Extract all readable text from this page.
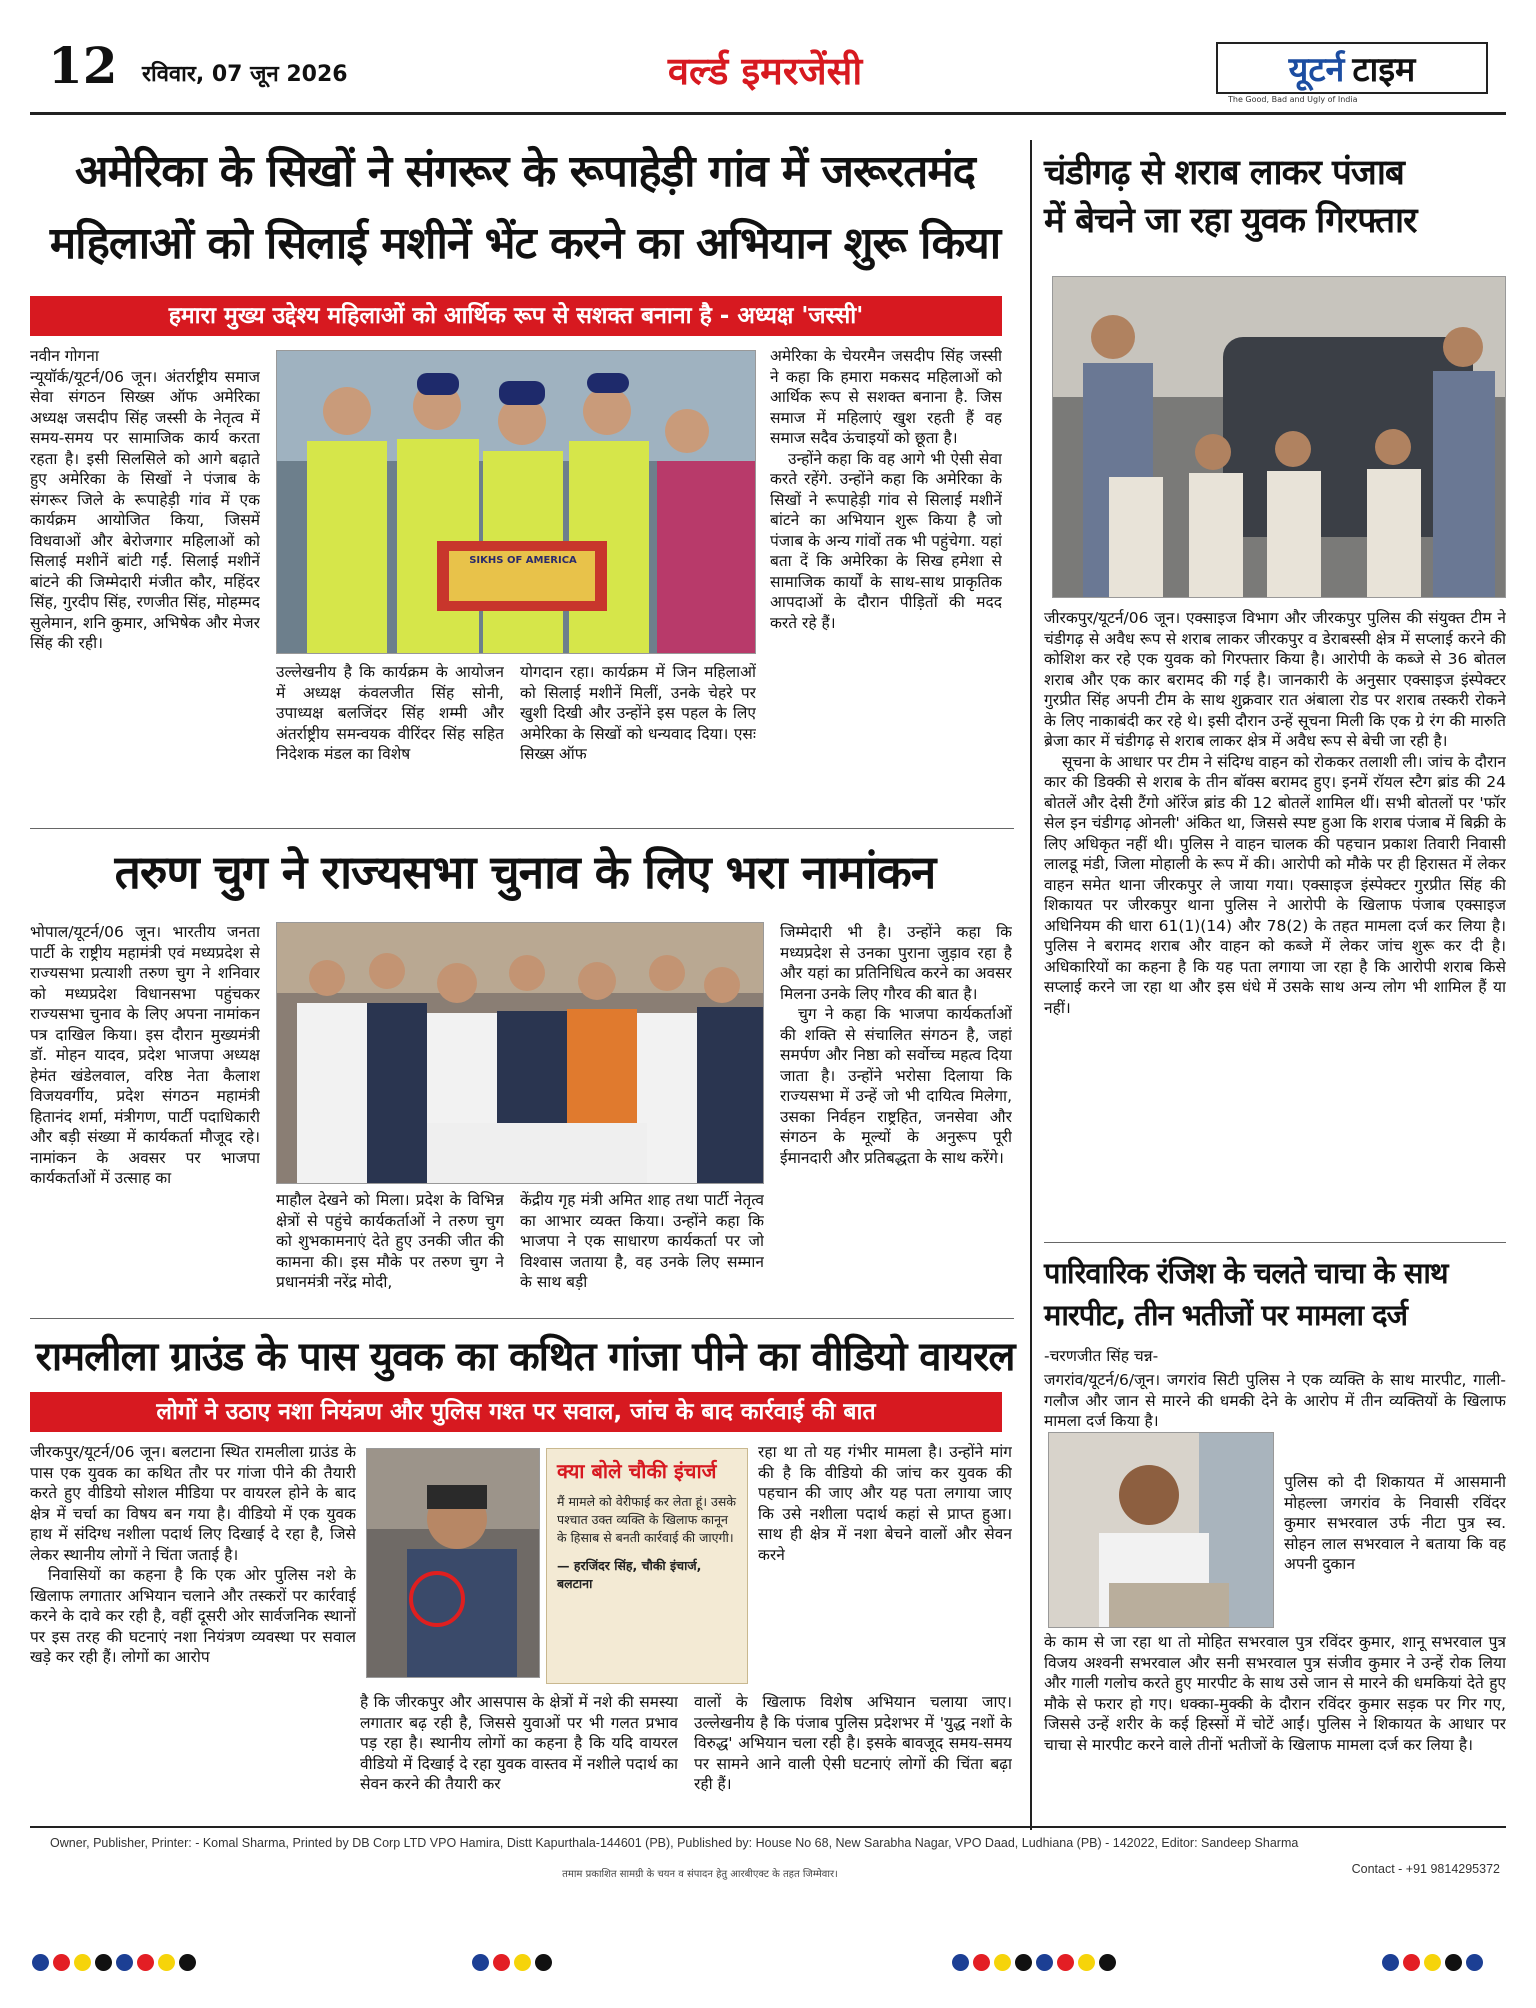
12 रविवार, 07 जून 2026	वर्ल्ड इमरजेंसी	यूटर्न टाइम
The Good, Bad and Ugly of India
अमेरिका के सिखों ने संगरूर के रूपाहेड़ी गांव में जरूरतमंद
महिलाओं को सिलाई मशीनें भेंट करने का अभियान शुरू किया
हमारा मुख्य उद्देश्य महिलाओं को आर्थिक रूप से सशक्त बनाना है - अध्यक्ष 'जस्सी'

नवीन गोगना

न्यूयॉर्क/यूटर्न/06 जून। अंतर्राष्ट्रीय समाज सेवा संगठन सिख्स ऑफ अमेरिका अध्यक्ष जसदीप सिंह जस्सी के नेतृत्व में समय-समय पर सामाजिक कार्य करता रहता है। इसी सिलसिले को आगे बढ़ाते हुए अमेरिका के सिखों ने पंजाब के संगरूर जिले के रूपाहेड़ी गांव में एक कार्यक्रम आयोजित किया, जिसमें विधवाओं और बेरोजगार महिलाओं को सिलाई मशीनें बांटी गईं. सिलाई मशीनें बांटने की जिम्मेदारी मंजीत कौर, महिंदर सिंह, गुरदीप सिंह, रणजीत सिंह, मोहम्मद सुलेमान, शनि कुमार, अभिषेक और मेजर सिंह की रही।

SIKHS OF AMERICA
उल्लेखनीय है कि कार्यक्रम के आयोजन में अध्यक्ष कंवलजीत सिंह सोनी, उपाध्यक्ष बलजिंदर सिंह शम्मी और अंतर्राष्ट्रीय समन्वयक वीरिंदर सिंह सहित निदेशक मंडल का विशेष
योगदान रहा। कार्यक्रम में जिन महिलाओं को सिलाई मशीनें मिलीं, उनके चेहरे पर खुशी दिखी और उन्होंने इस पहल के लिए अमेरिका के सिखों को धन्यवाद दिया। एसः सिख्स ऑफ

अमेरिका के चेयरमैन जसदीप सिंह जस्सी ने कहा कि हमारा मकसद महिलाओं को आर्थिक रूप से सशक्त बनाना है. जिस समाज में महिलाएं खुश रहती हैं वह समाज सदैव ऊंचाइयों को छूता है।

उन्होंने कहा कि वह आगे भी ऐसी सेवा करते रहेंगे. उन्होंने कहा कि अमेरिका के सिखों ने रूपाहेड़ी गांव से सिलाई मशीनें बांटने का अभियान शुरू किया है जो पंजाब के अन्य गांवों तक भी पहुंचेगा. यहां बता दें कि अमेरिका के सिख हमेशा से सामाजिक कार्यों के साथ-साथ प्राकृतिक आपदाओं के दौरान पीड़ितों की मदद करते रहे हैं।

तरुण चुग ने राज्यसभा चुनाव के लिए भरा नामांकन
भोपाल/यूटर्न/06 जून। भारतीय जनता पार्टी के राष्ट्रीय महामंत्री एवं मध्यप्रदेश से राज्यसभा प्रत्याशी तरुण चुग ने शनिवार को मध्यप्रदेश विधानसभा पहुंचकर राज्यसभा चुनाव के लिए अपना नामांकन पत्र दाखिल किया। इस दौरान मुख्यमंत्री डॉ. मोहन यादव, प्रदेश भाजपा अध्यक्ष हेमंत खंडेलवाल, वरिष्ठ नेता कैलाश विजयवर्गीय, प्रदेश संगठन महामंत्री हितानंद शर्मा, मंत्रीगण, पार्टी पदाधिकारी और बड़ी संख्या में कार्यकर्ता मौजूद रहे। नामांकन के अवसर पर भाजपा कार्यकर्ताओं में उत्साह का
माहौल देखने को मिला। प्रदेश के विभिन्न क्षेत्रों से पहुंचे कार्यकर्ताओं ने तरुण चुग को शुभकामनाएं देते हुए उनकी जीत की कामना की। इस मौके पर तरुण चुग ने प्रधानमंत्री नरेंद्र मोदी,
केंद्रीय गृह मंत्री अमित शाह तथा पार्टी नेतृत्व का आभार व्यक्त किया। उन्होंने कहा कि भाजपा ने एक साधारण कार्यकर्ता पर जो विश्वास जताया है, वह उनके लिए सम्मान के साथ बड़ी

जिम्मेदारी भी है। उन्होंने कहा कि मध्यप्रदेश से उनका पुराना जुड़ाव रहा है और यहां का प्रतिनिधित्व करने का अवसर मिलना उनके लिए गौरव की बात है।

चुग ने कहा कि भाजपा कार्यकर्ताओं की शक्ति से संचालित संगठन है, जहां समर्पण और निष्ठा को सर्वोच्च महत्व दिया जाता है। उन्होंने भरोसा दिलाया कि राज्यसभा में उन्हें जो भी दायित्व मिलेगा, उसका निर्वहन राष्ट्रहित, जनसेवा और संगठन के मूल्यों के अनुरूप पूरी ईमानदारी और प्रतिबद्धता के साथ करेंगे।

रामलीला ग्राउंड के पास युवक का कथित गांजा पीने का वीडियो वायरल
लोगों ने उठाए नशा नियंत्रण और पुलिस गश्त पर सवाल, जांच के बाद कार्रवाई की बात

जीरकपुर/यूटर्न/06 जून। बलटाना स्थित रामलीला ग्राउंड के पास एक युवक का कथित तौर पर गांजा पीने की तैयारी करते हुए वीडियो सोशल मीडिया पर वायरल होने के बाद क्षेत्र में चर्चा का विषय बन गया है। वीडियो में एक युवक हाथ में संदिग्ध नशीला पदार्थ लिए दिखाई दे रहा है, जिसे लेकर स्थानीय लोगों ने चिंता जताई है।

निवासियों का कहना है कि एक ओर पुलिस नशे के खिलाफ लगातार अभियान चलाने और तस्करों पर कार्रवाई करने के दावे कर रही है, वहीं दूसरी ओर सार्वजनिक स्थानों पर इस तरह की घटनाएं नशा नियंत्रण व्यवस्था पर सवाल खड़े कर रही हैं। लोगों का आरोप

क्या बोले चौकी इंचार्ज
मैं मामले को वेरीफाई कर लेता हूं। उसके पश्चात उक्त व्यक्ति के खिलाफ कानून के हिसाब से बनती कार्रवाई की जाएगी।
— हरजिंदर सिंह, चौकी इंचार्ज, बलटाना
है कि जीरकपुर और आसपास के क्षेत्रों में नशे की समस्या लगातार बढ़ रही है, जिससे युवाओं पर भी गलत प्रभाव पड़ रहा है। स्थानीय लोगों का कहना है कि यदि वायरल वीडियो में दिखाई दे रहा युवक वास्तव में नशीले पदार्थ का सेवन करने की तैयारी कर

वालों के खिलाफ विशेष अभियान चलाया जाए। उल्लेखनीय है कि पंजाब पुलिस प्रदेशभर में 'युद्ध नशों के विरुद्ध' अभियान चला रही है। इसके बावजूद समय-समय पर सामने आने वाली ऐसी घटनाएं लोगों की चिंता बढ़ा रही हैं।

रहा था तो यह गंभीर मामला है। उन्होंने मांग की है कि वीडियो की जांच कर युवक की पहचान की जाए और यह पता लगाया जाए कि उसे नशीला पदार्थ कहां से प्राप्त हुआ। साथ ही क्षेत्र में नशा बेचने वालों और सेवन करने
चंडीगढ़ से शराब लाकर पंजाब
में बेचने जा रहा युवक गिरफ्तार

जीरकपुर/यूटर्न/06 जून। एक्साइज विभाग और जीरकपुर पुलिस की संयुक्त टीम ने चंडीगढ़ से अवैध रूप से शराब लाकर जीरकपुर व डेराबस्सी क्षेत्र में सप्लाई करने की कोशिश कर रहे एक युवक को गिरफ्तार किया है। आरोपी के कब्जे से 36 बोतल शराब और एक कार बरामद की गई है। जानकारी के अनुसार एक्साइज इंस्पेक्टर गुरप्रीत सिंह अपनी टीम के साथ शुक्रवार रात अंबाला रोड पर शराब तस्करी रोकने के लिए नाकाबंदी कर रहे थे। इसी दौरान उन्हें सूचना मिली कि एक ग्रे रंग की मारुति ब्रेजा कार में चंडीगढ़ से शराब लाकर क्षेत्र में अवैध रूप से बेची जा रही है।

सूचना के आधार पर टीम ने संदिग्ध वाहन को रोककर तलाशी ली। जांच के दौरान कार की डिक्की से शराब के तीन बॉक्स बरामद हुए। इनमें रॉयल स्टैग ब्रांड की 24 बोतलें और देसी टैंगो ऑरेंज ब्रांड की 12 बोतलें शामिल थीं। सभी बोतलों पर 'फॉर सेल इन चंडीगढ़ ओनली' अंकित था, जिससे स्पष्ट हुआ कि शराब पंजाब में बिक्री के लिए अधिकृत नहीं थी। पुलिस ने वाहन चालक की पहचान प्रकाश तिवारी निवासी लालडू मंडी, जिला मोहाली के रूप में की। आरोपी को मौके पर ही हिरासत में लेकर वाहन समेत थाना जीरकपुर ले जाया गया। एक्साइज इंस्पेक्टर गुरप्रीत सिंह की शिकायत पर जीरकपुर थाना पुलिस ने आरोपी के खिलाफ पंजाब एक्साइज अधिनियम की धारा 61(1)(14) और 78(2) के तहत मामला दर्ज कर लिया है। पुलिस ने बरामद शराब और वाहन को कब्जे में लेकर जांच शुरू कर दी है। अधिकारियों का कहना है कि यह पता लगाया जा रहा है कि आरोपी शराब किसे सप्लाई करने जा रहा था और इस धंधे में उसके साथ अन्य लोग भी शामिल हैं या नहीं।

पारिवारिक रंजिश के चलते चाचा के साथ
मारपीट, तीन भतीजों पर मामला दर्ज
-चरणजीत सिंह चन्न-
जगरांव/यूटर्न/6/जून। जगरांव सिटी पुलिस ने एक व्यक्ति के साथ मारपीट, गाली-गलौज और जान से मारने की धमकी देने के आरोप में तीन व्यक्तियों के खिलाफ मामला दर्ज किया है।
पुलिस को दी शिकायत में आसमानी मोहल्ला जगरांव के निवासी रविंदर कुमार सभरवाल उर्फ नीटा पुत्र स्व. सोहन लाल सभरवाल ने बताया कि वह अपनी दुकान
के काम से जा रहा था तो मोहित सभरवाल पुत्र रविंदर कुमार, शानू सभरवाल पुत्र विजय अश्वनी सभरवाल और सनी सभरवाल पुत्र संजीव कुमार ने उन्हें रोक लिया और गाली गलोच करते हुए मारपीट के साथ उसे जान से मारने की धमकियां देते हुए मौके से फरार हो गए। धक्का-मुक्की के दौरान रविंदर कुमार सड़क पर गिर गए, जिससे उन्हें शरीर के कई हिस्सों में चोटें आईं। पुलिस ने शिकायत के आधार पर चाचा से मारपीट करने वाले तीनों भतीजों के खिलाफ मामला दर्ज कर लिया है।
Owner, Publisher, Printer: - Komal Sharma, Printed by DB Corp LTD VPO Hamira, Distt Kapurthala-144601 (PB), Published by: House No 68, New Sarabha Nagar, VPO Daad, Ludhiana (PB) - 142022, Editor: Sandeep Sharma
तमाम प्रकाशित सामग्री के चयन व संपादन हेतु आरबीएक्ट के तहत जिम्मेवार।	Contact - +91 9814295372
